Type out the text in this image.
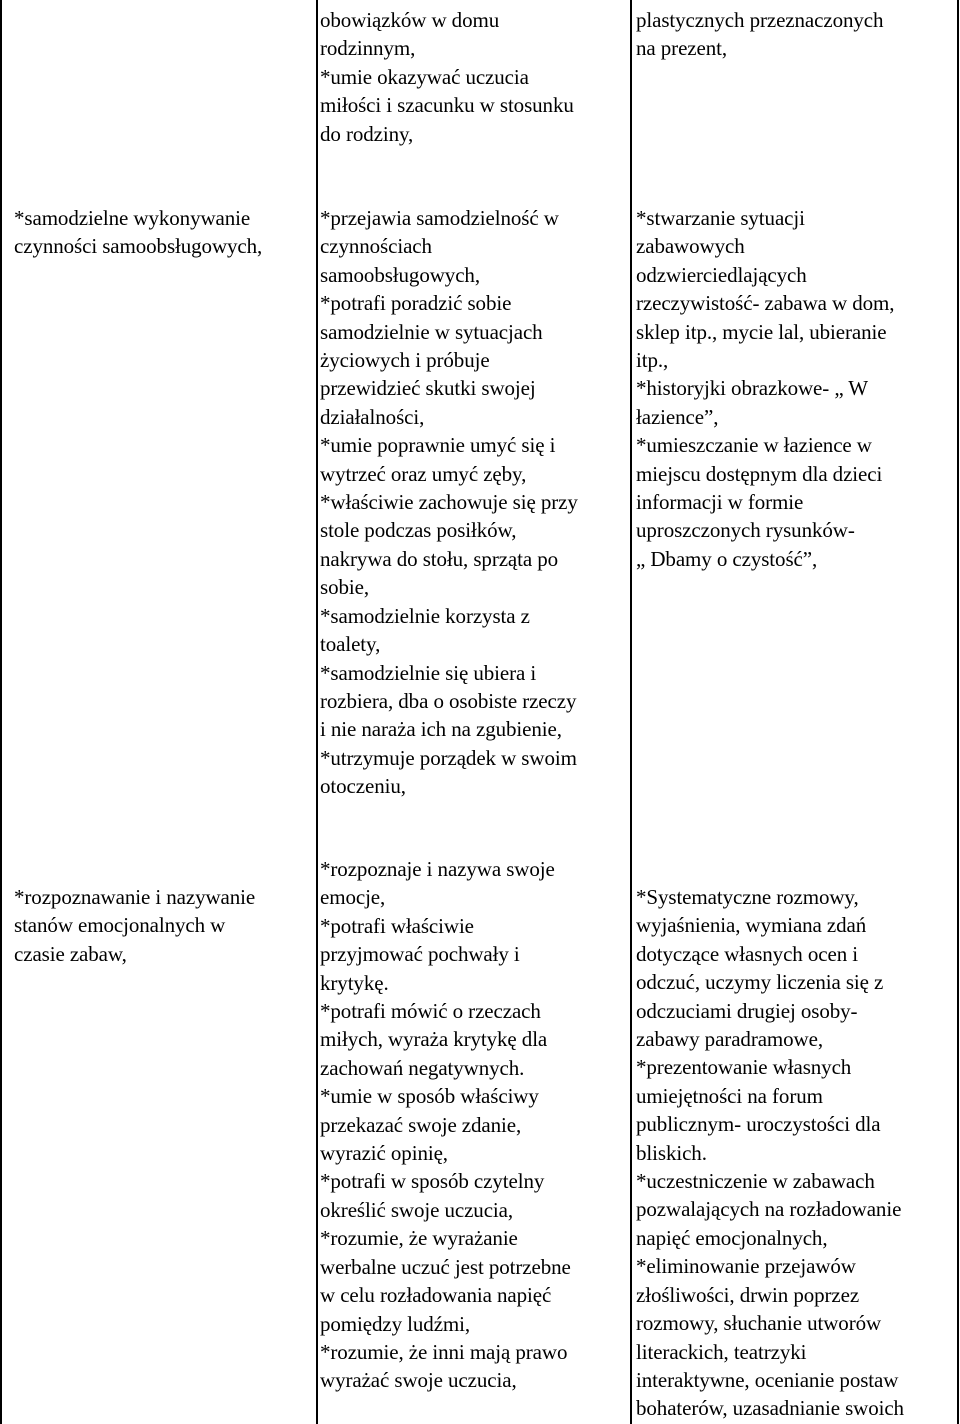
obowiązków w domu
rodzinnym,
*umie okazywać uczucia
miłości i szacunku w stosunku
do rodziny,
plastycznych przeznaczonych
na prezent,
*samodzielne wykonywanie
czynności samoobsługowych,
*przejawia samodzielność w
czynnościach
samoobsługowych,
*potrafi poradzić sobie
samodzielnie w sytuacjach
życiowych i próbuje
przewidzieć skutki swojej
działalności,
*umie poprawnie umyć się i
wytrzeć oraz umyć zęby,
*właściwie zachowuje się przy
stole podczas posiłków,
nakrywa do stołu, sprząta po
sobie,
*samodzielnie korzysta z
toalety,
*samodzielnie się ubiera i
rozbiera, dba o osobiste rzeczy
i nie naraża ich na zgubienie,
*utrzymuje porządek w swoim
otoczeniu,
*stwarzanie sytuacji
zabawowych
odzwierciedlających
rzeczywistość- zabawa w dom,
sklep itp., mycie lal, ubieranie
itp.,
*historyjki obrazkowe- „ W
łazience”,
*umieszczanie w łazience w
miejscu dostępnym dla dzieci
informacji w formie
uproszczonych rysunków-
„ Dbamy o czystość”,
*rozpoznawanie i nazywanie
stanów emocjonalnych w
czasie zabaw,
*rozpoznaje i nazywa swoje
emocje,
*potrafi właściwie
przyjmować pochwały i
krytykę.
*potrafi mówić o rzeczach
miłych, wyraża krytykę dla
zachowań negatywnych.
*umie w sposób właściwy
przekazać swoje zdanie,
wyrazić opinię,
*potrafi w sposób czytelny
określić swoje uczucia,
*rozumie, że wyrażanie
werbalne uczuć jest potrzebne
w celu rozładowania napięć
pomiędzy ludźmi,
*rozumie, że inni mają prawo
wyrażać swoje uczucia,
*Systematyczne rozmowy,
wyjaśnienia, wymiana zdań
dotyczące własnych ocen i
odczuć, uczymy liczenia się z
odczuciami drugiej osoby-
zabawy paradramowe,
*prezentowanie własnych
umiejętności na forum
publicznym- uroczystości dla
bliskich.
*uczestniczenie w zabawach
pozwalających na rozładowanie
napięć emocjonalnych,
*eliminowanie przejawów
złośliwości, drwin poprzez
rozmowy, słuchanie utworów
literackich, teatrzyki
interaktywne, ocenianie postaw
bohaterów, uzasadnianie swoich
